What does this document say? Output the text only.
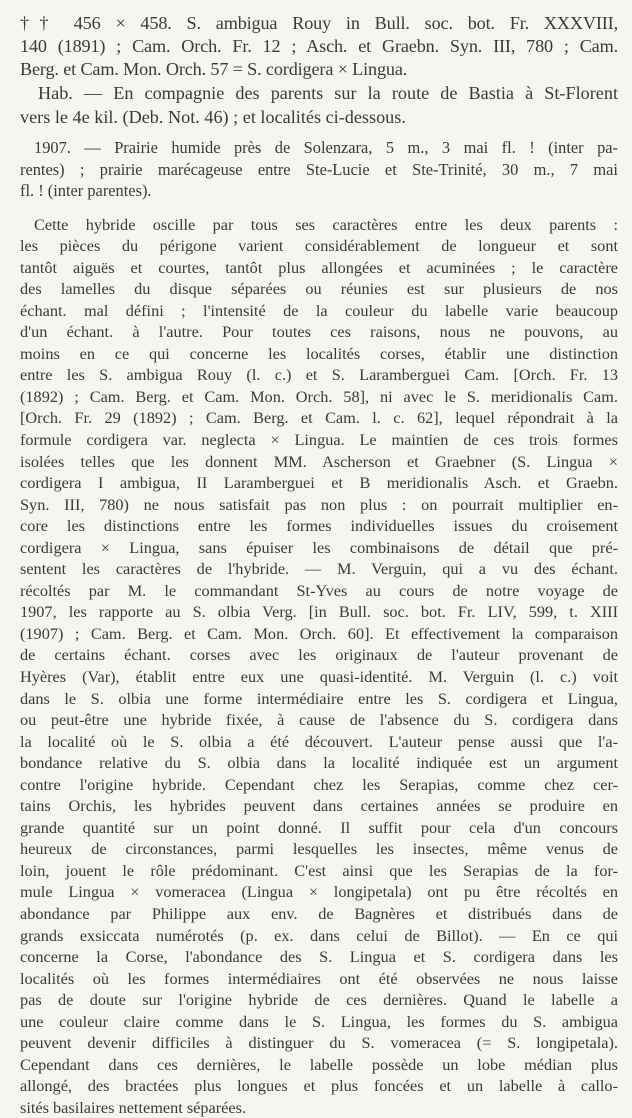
†† 456 × 458. S. ambigua Rouy in Bull. soc. bot. Fr. XXXVIII,
140 (1891) ; Cam. Orch. Fr. 12 ; Asch. et Graebn. Syn. III, 780 ; Cam.
Berg. et Cam. Mon. Orch. 57 = S. cordigera × Lingua.
Hab. — En compagnie des parents sur la route de Bastia à St-Florent
vers le 4e kil. (Deb. Not. 46) ; et localités ci-dessous.
1907. — Prairie humide près de Solenzara, 5 m., 3 mai fl. ! (inter pa-
rentes) ; prairie marécageuse entre Ste-Lucie et Ste-Trinité, 30 m., 7 mai
fl. ! (inter parentes).
Cette hybride oscille par tous ses caractères entre les deux parents :
les pièces du périgone varient considérablement de longueur et sont
tantôt aiguës et courtes, tantôt plus allongées et acuminées ; le caractère
des lamelles du disque séparées ou réunies est sur plusieurs de nos
échant. mal défini ; l'intensité de la couleur du labelle varie beaucoup
d'un échant. à l'autre. Pour toutes ces raisons, nous ne pouvons, au
moins en ce qui concerne les localités corses, établir une distinction
entre les S. ambigua Rouy (l. c.) et S. Laramberguei Cam. [Orch. Fr. 13
(1892) ; Cam. Berg. et Cam. Mon. Orch. 58], ni avec le S. meridionalis Cam.
[Orch. Fr. 29 (1892) ; Cam. Berg. et Cam. l. c. 62], lequel répondrait à la
formule cordigera var. neglecta × Lingua. Le maintien de ces trois formes
isolées telles que les donnent MM. Ascherson et Graebner (S. Lingua ×
cordigera I ambigua, II Laramberguei et B meridionalis Asch. et Graebn.
Syn. III, 780) ne nous satisfait pas non plus : on pourrait multiplier en-
core les distinctions entre les formes individuelles issues du croisement
cordigera × Lingua, sans épuiser les combinaisons de détail que pré-
sentent les caractères de l'hybride. — M. Verguin, qui a vu des échant.
récoltés par M. le commandant St-Yves au cours de notre voyage de
1907, les rapporte au S. olbia Verg. [in Bull. soc. bot. Fr. LIV, 599, t. XIII
(1907) ; Cam. Berg. et Cam. Mon. Orch. 60]. Et effectivement la comparaison
de certains échant. corses avec les originaux de l'auteur provenant de
Hyères (Var), établit entre eux une quasi-identité. M. Verguin (l. c.) voit
dans le S. olbia une forme intermédiaire entre les S. cordigera et Lingua,
ou peut-être une hybride fixée, à cause de l'absence du S. cordigera dans
la localité où le S. olbia a été découvert. L'auteur pense aussi que l'a-
bondance relative du S. olbia dans la localité indiquée est un argument
contre l'origine hybride. Cependant chez les Serapias, comme chez cer-
tains Orchis, les hybrides peuvent dans certaines années se produire en
grande quantité sur un point donné. Il suffit pour cela d'un concours
heureux de circonstances, parmi lesquelles les insectes, même venus de
loin, jouent le rôle prédominant. C'est ainsi que les Serapias de la for-
mule Lingua × vomeracea (Lingua × longipetala) ont pu être récoltés en
abondance par Philippe aux env. de Bagnères et distribués dans de
grands exsiccata numérotés (p. ex. dans celui de Billot). — En ce qui
concerne la Corse, l'abondance des S. Lingua et S. cordigera dans les
localités où les formes intermédiaires ont été observées ne nous laisse
pas de doute sur l'origine hybride de ces dernières. Quand le labelle a
une couleur claire comme dans le S. Lingua, les formes du S. ambigua
peuvent devenir difficiles à distinguer du S. vomeracea (= S. longipetala).
Cependant dans ces dernières, le labelle possède un lobe médian plus
allongé, des bractées plus longues et plus foncées et un labelle à callo-
sités basilaires nettement séparées.
